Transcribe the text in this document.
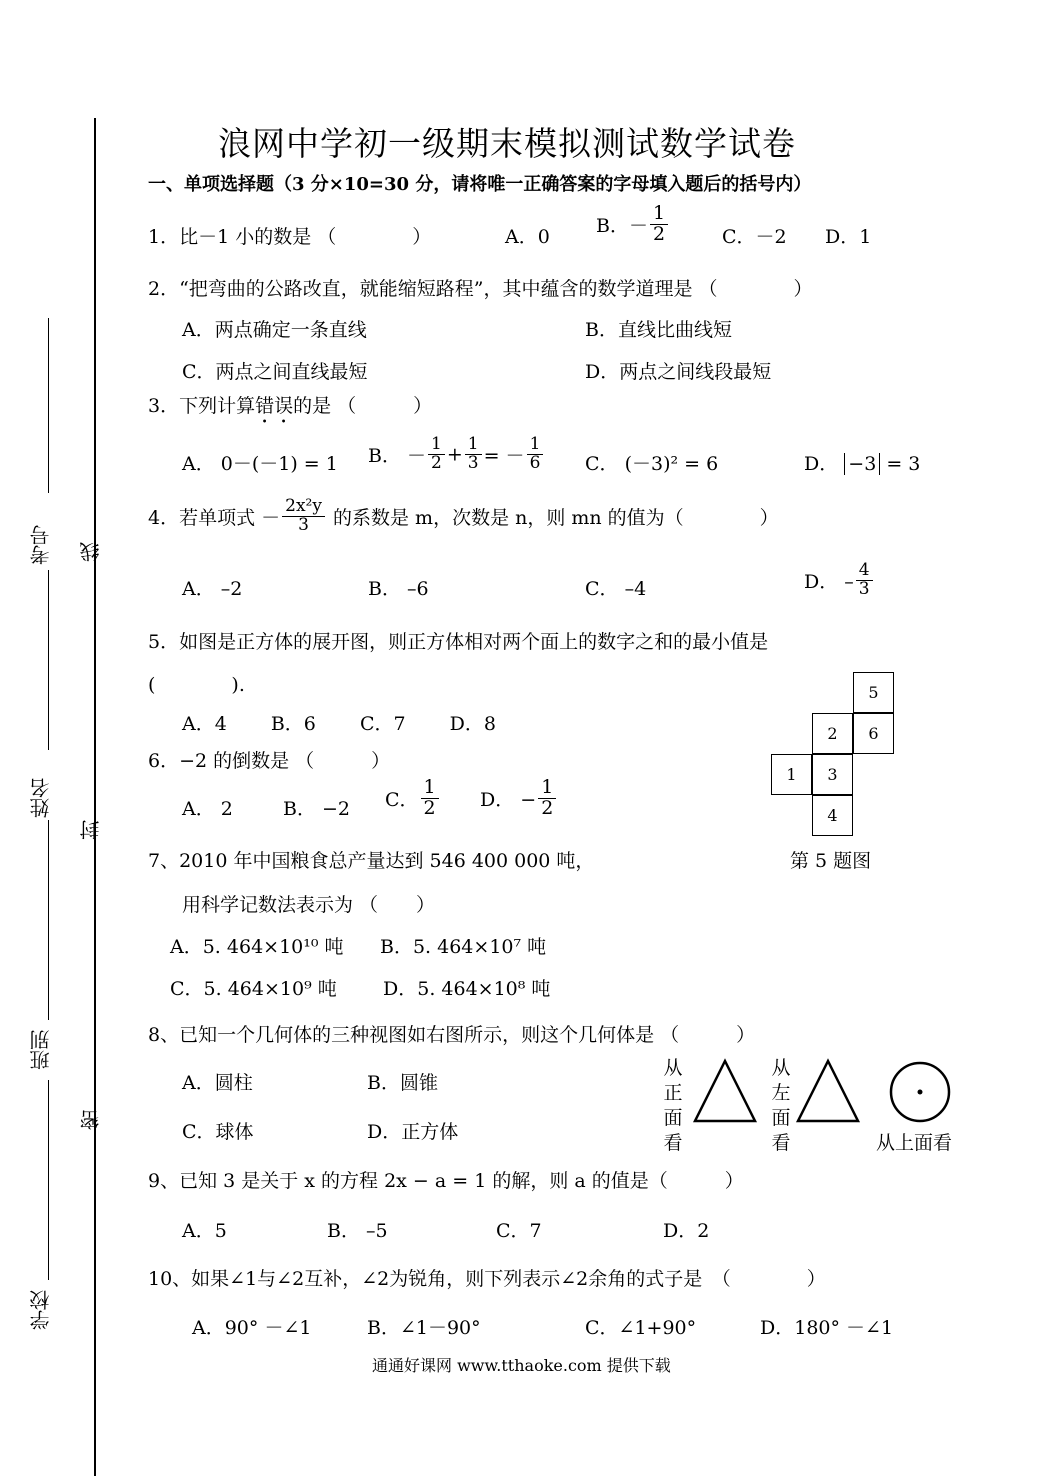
考号
姓名
班别
学校
线
封
密
浪网中学初一级期末模拟测试数学试卷
一、单项选择题（3 分×10=30 分，请将唯一正确答案的字母填入题后的括号内）
1．比－1 小的数是 （　　　　）	A．0
B．－ $\frac{1}{2}$	C．－2 D．1
2．“把弯曲的公路改直，就能缩短路程”，其中蕴含的数学道理是 （　　　　）
A．两点确定一条直线	B．直线比曲线短
C．两点之间直线最短	D．两点之间线段最短
3．下列计算错误的是 （　　　）
A． 0－(－1) = 1 B． － $\frac{1}{2} + \frac{1}{3}$ = － $\frac{1}{6}$ C． (－3)² = 6	D． −3 = 3
4．若单项式 － $\frac{\text{2x²y}}{3}$ 的系数是 m，次数是 n，则 mn 的值为（　　　　）
A． –2	B． –6	C． –4	D． – $\frac{4}{3}$
5．如图是正方体的展开图，则正方体相对两个面上的数字之和的最小值是
(　　　　).
A．4　　 B．6　　 C．7　　 D．8
5
2	6
1	3
4
第 5 题图
6．−2 的倒数是 （　　　）
A． 2	B． −2 C． $\frac{1}{2}$ D． − $\frac{1}{2}$
7、2010 年中国粮食总产量达到 546 400 000 吨，
用科学记数法表示为 （　　）
A．5. 464×10¹⁰ 吨 B．5. 464×10⁷ 吨
C．5. 464×10⁹ 吨 D．5. 464×10⁸ 吨
8、已知一个几何体的三种视图如右图所示，则这个几何体是 （　　　）
A．圆柱	B．圆锥
C．球体	D．正方体
从正面看
从左面看	从上面看
9、已知 3 是关于 x 的方程 2x − a = 1 的解，则 a 的值是（　　　）
A．5	B． –5	C．7	D．2
10、如果∠1与∠2互补，∠2为锐角，则下列表示∠2余角的式子是　（　　　　）
A．90° －∠1	B．∠1－90°	C．∠1+90°	D．180° －∠1
通通好课网 www.tthaoke.com 提供下载
